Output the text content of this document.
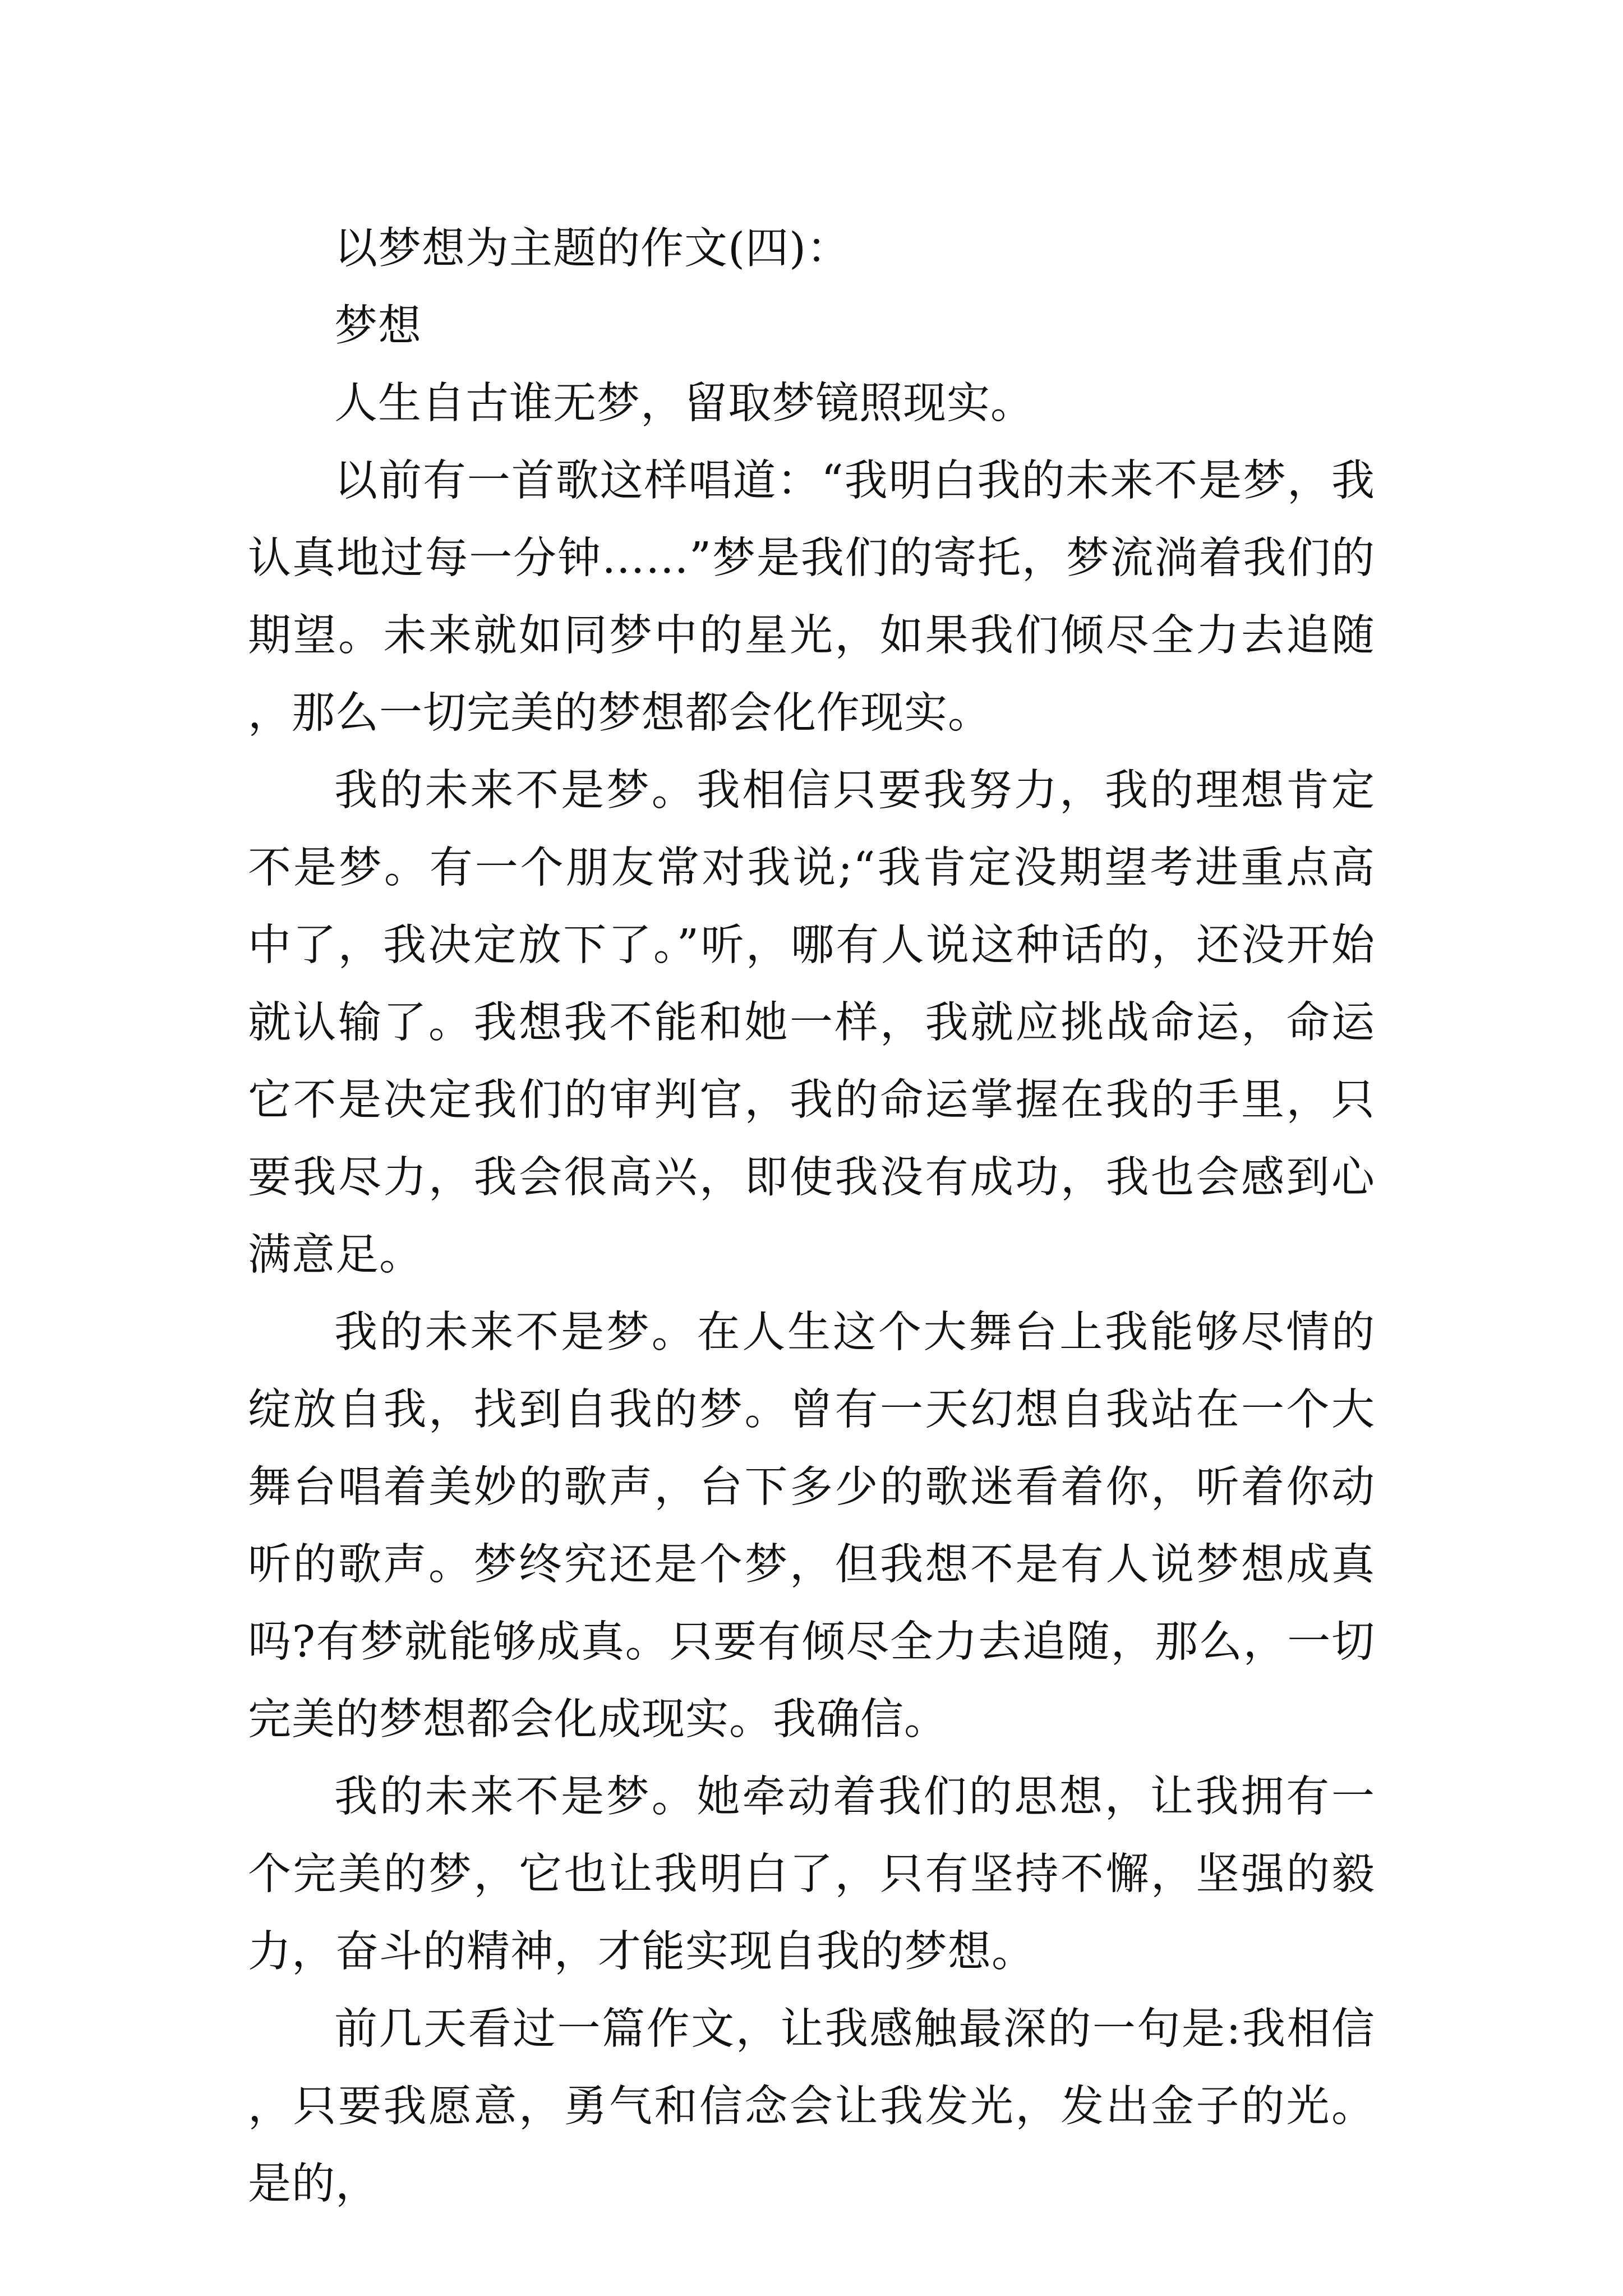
以梦想为主题的作文(四)：

梦想

人生自古谁无梦，留取梦镜照现实。

以前有一首歌这样唱道：“我明白我的未来不是梦，我认真地过每一分钟……”梦是我们的寄托，梦流淌着我们的期望。未来就如同梦中的星光，如果我们倾尽全力去追随，那么一切完美的梦想都会化作现实。

我的未来不是梦。我相信只要我努力，我的理想肯定不是梦。有一个朋友常对我说;“我肯定没期望考进重点高中了，我决定放下了。”听，哪有人说这种话的，还没开始就认输了。我想我不能和她一样，我就应挑战命运，命运它不是决定我们的审判官，我的命运掌握在我的手里，只要我尽力，我会很高兴，即使我没有成功，我也会感到心满意足。

我的未来不是梦。在人生这个大舞台上我能够尽情的绽放自我，找到自我的梦。曾有一天幻想自我站在一个大舞台唱着美妙的歌声，台下多少的歌迷看着你，听着你动听的歌声。梦终究还是个梦，但我想不是有人说梦想成真吗?有梦就能够成真。只要有倾尽全力去追随，那么，一切完美的梦想都会化成现实。我确信。

我的未来不是梦。她牵动着我们的思想，让我拥有一个完美的梦，它也让我明白了，只有坚持不懈，坚强的毅力，奋斗的精神，才能实现自我的梦想。

前几天看过一篇作文，让我感触最深的一句是:我相信，只要我愿意，勇气和信念会让我发光，发出金子的光。是的，
